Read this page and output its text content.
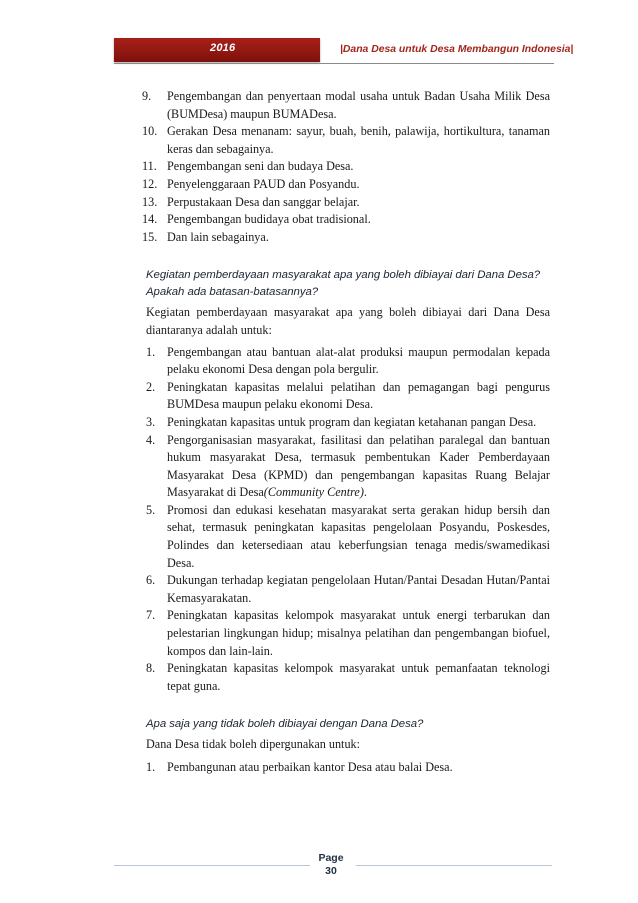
2016	|Dana Desa untuk Desa Membangun Indonesia|
9. Pengembangan dan penyertaan modal usaha untuk Badan Usaha Milik Desa (BUMDesa) maupun BUMADesa.
10. Gerakan Desa menanam: sayur, buah, benih, palawija, hortikultura, tanaman keras dan sebagainya.
11. Pengembangan seni dan budaya Desa.
12. Penyelenggaraan PAUD dan Posyandu.
13. Perpustakaan Desa dan sanggar belajar.
14. Pengembangan budidaya obat tradisional.
15. Dan lain sebagainya.
Kegiatan pemberdayaan masyarakat apa yang boleh dibiayai dari Dana Desa? Apakah ada batasan-batasannya?

Kegiatan pemberdayaan masyarakat apa yang boleh dibiayai dari Dana Desa diantaranya adalah untuk:

1. Pengembangan atau bantuan alat-alat produksi maupun permodalan kepada pelaku ekonomi Desa dengan pola bergulir.
2. Peningkatan kapasitas melalui pelatihan dan pemagangan bagi pengurus BUMDesa maupun pelaku ekonomi Desa.
3. Peningkatan kapasitas untuk program dan kegiatan ketahanan pangan Desa.
4. Pengorganisasian masyarakat, fasilitasi dan pelatihan paralegal dan bantuan hukum masyarakat Desa, termasuk pembentukan Kader Pemberdayaan Masyarakat Desa (KPMD) dan pengembangan kapasitas Ruang Belajar Masyarakat di Desa(Community Centre).
5. Promosi dan edukasi kesehatan masyarakat serta gerakan hidup bersih dan sehat, termasuk peningkatan kapasitas pengelolaan Posyandu, Poskesdes, Polindes dan ketersediaan atau keberfungsian tenaga medis/swamedikasi Desa.
6. Dukungan terhadap kegiatan pengelolaan Hutan/Pantai Desadan Hutan/Pantai Kemasyarakatan.
7. Peningkatan kapasitas kelompok masyarakat untuk energi terbarukan dan pelestarian lingkungan hidup; misalnya pelatihan dan pengembangan biofuel, kompos dan lain-lain.
8. Peningkatan kapasitas kelompok masyarakat untuk pemanfaatan teknologi tepat guna.
Apa saja yang tidak boleh dibiayai dengan Dana Desa?

Dana Desa tidak boleh dipergunakan untuk:

1. Pembangunan atau perbaikan kantor Desa atau balai Desa.
Page
30
